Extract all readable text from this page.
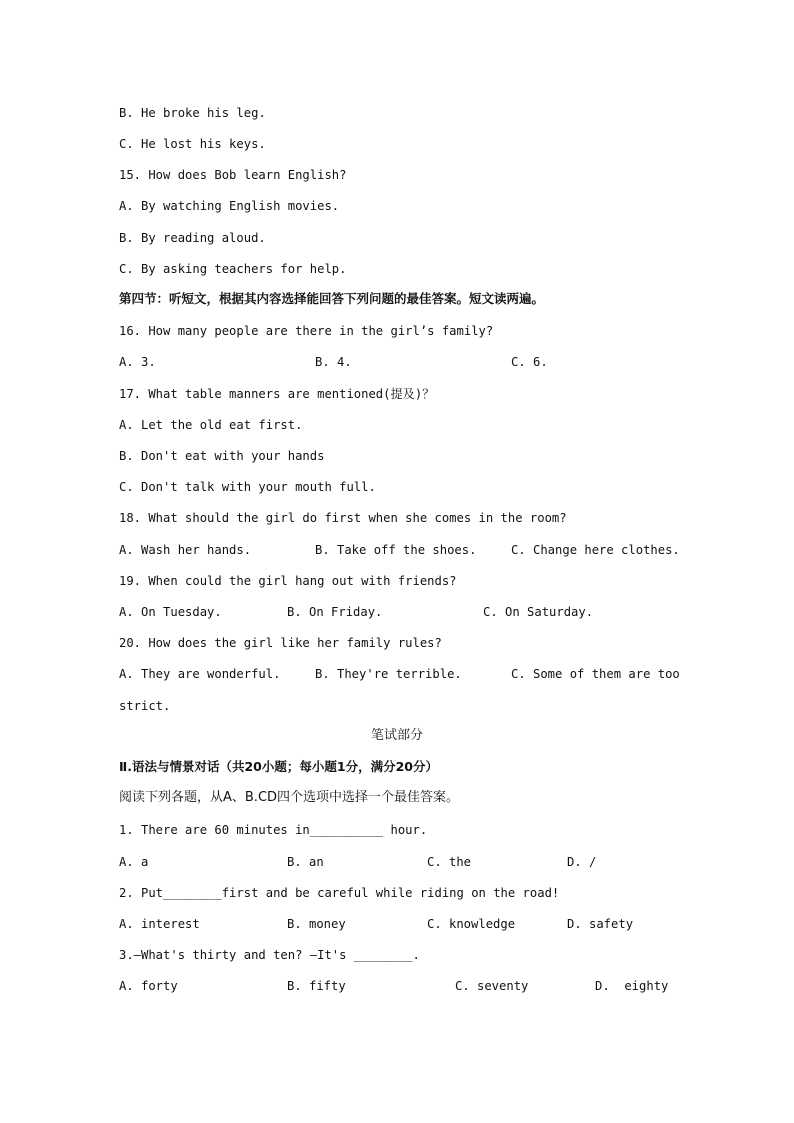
B. He broke his leg.
C. He lost his keys.
15. How does Bob learn English?
A. By watching English movies.
B. By reading aloud.
C. By asking teachers for help.
第四节：听短文，根据其内容选择能回答下列问题的最佳答案。短文读两遍。
16. How many people are there in the girl’s family?
A. 3.	B. 4.	C. 6.
17. What table manners are mentioned(提及)？
A. Let the old eat first.
B. Don't eat with your hands
C. Don't talk with your mouth full.
18. What should the girl do first when she comes in the room?
A. Wash her hands.	B. Take off the shoes.	C. Change here clothes.
19. When could the girl hang out with friends?
A. On Tuesday.	B. On Friday.	C. On Saturday.
20. How does the girl like her family rules?
A. They are wonderful.	B. They're terrible.	C. Some of them are too
strict.
笔试部分
Ⅱ.语法与情景对话（共20小题；每小题1分，满分20分）
阅读下列各题，从A、B.CD四个选项中选择一个最佳答案。
1. There are 60 minutes in__________ hour.
A. a	B. an	C. the	D. /
2. Put________first and be careful while riding on the road!
A. interest	B. money	C. knowledge	D. safety
3.—What's thirty and ten? —It's ________.
A. forty	B. fifty	C. seventy	D.  eighty
